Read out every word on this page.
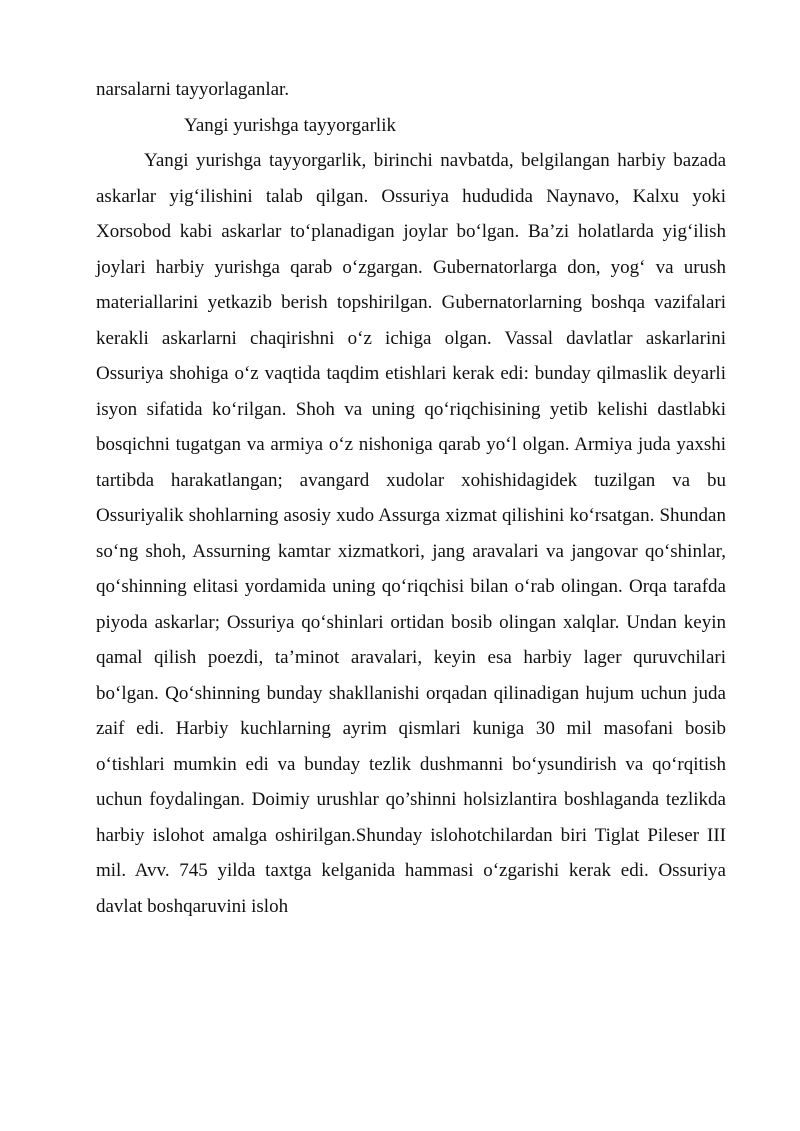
narsalarni tayyorlaganlar.
Yangi yurishga tayyorgarlik

Yangi yurishga tayyorgarlik, birinchi navbatda, belgilangan harbiy bazada askarlar yig‘ilishini talab qilgan. Ossuriya hududida Naynavo, Kalxu yoki Xorsobod kabi askarlar to‘planadigan joylar bo‘lgan. Ba’zi holatlarda yig‘ilish joylari harbiy yurishga qarab o‘zgargan. Gubernatorlarga don, yog‘ va urush materiallarini yetkazib berish topshirilgan. Gubernatorlarning boshqa vazifalari kerakli askarlarni chaqirishni o‘z ichiga olgan. Vassal davlatlar askarlarini Ossuriya shohiga o‘z vaqtida taqdim etishlari kerak edi: bunday qilmaslik deyarli isyon sifatida ko‘rilgan. Shoh va uning qo‘riqchisining yetib kelishi dastlabki bosqichni tugatgan va armiya o‘z nishoniga qarab yo‘l olgan. Armiya juda yaxshi tartibda harakatlangan; avangard xudolar xohishidagidek tuzilgan va bu Ossuriyalik shohlarning asosiy xudo Assurga xizmat qilishini ko‘rsatgan. Shundan so‘ng shoh, Assurning kamtar xizmatkori, jang aravalari va jangovar qo‘shinlar, qo‘shinning elitasi yordamida uning qo‘riqchisi bilan o‘rab olingan. Orqa tarafda piyoda askarlar; Ossuriya qo‘shinlari ortidan bosib olingan xalqlar. Undan keyin qamal qilish poezdi, ta’minot aravalari, keyin esa harbiy lager quruvchilari bo‘lgan. Qo‘shinning bunday shakllanishi orqadan qilinadigan hujum uchun juda zaif edi. Harbiy kuchlarning ayrim qismlari kuniga 30 mil masofani bosib o‘tishlari mumkin edi va bunday tezlik dushmanni bo‘ysundirish va qo‘rqitish uchun foydalingan. Doimiy urushlar qo’shinni holsizlantira boshlaganda tezlikda harbiy islohot amalga oshirilgan.Shunday islohotchilardan biri Tiglat Pileser III mil. Avv. 745 yilda taxtga kelganida hammasi o‘zgarishi kerak edi. Ossuriya davlat boshqaruvini isloh
